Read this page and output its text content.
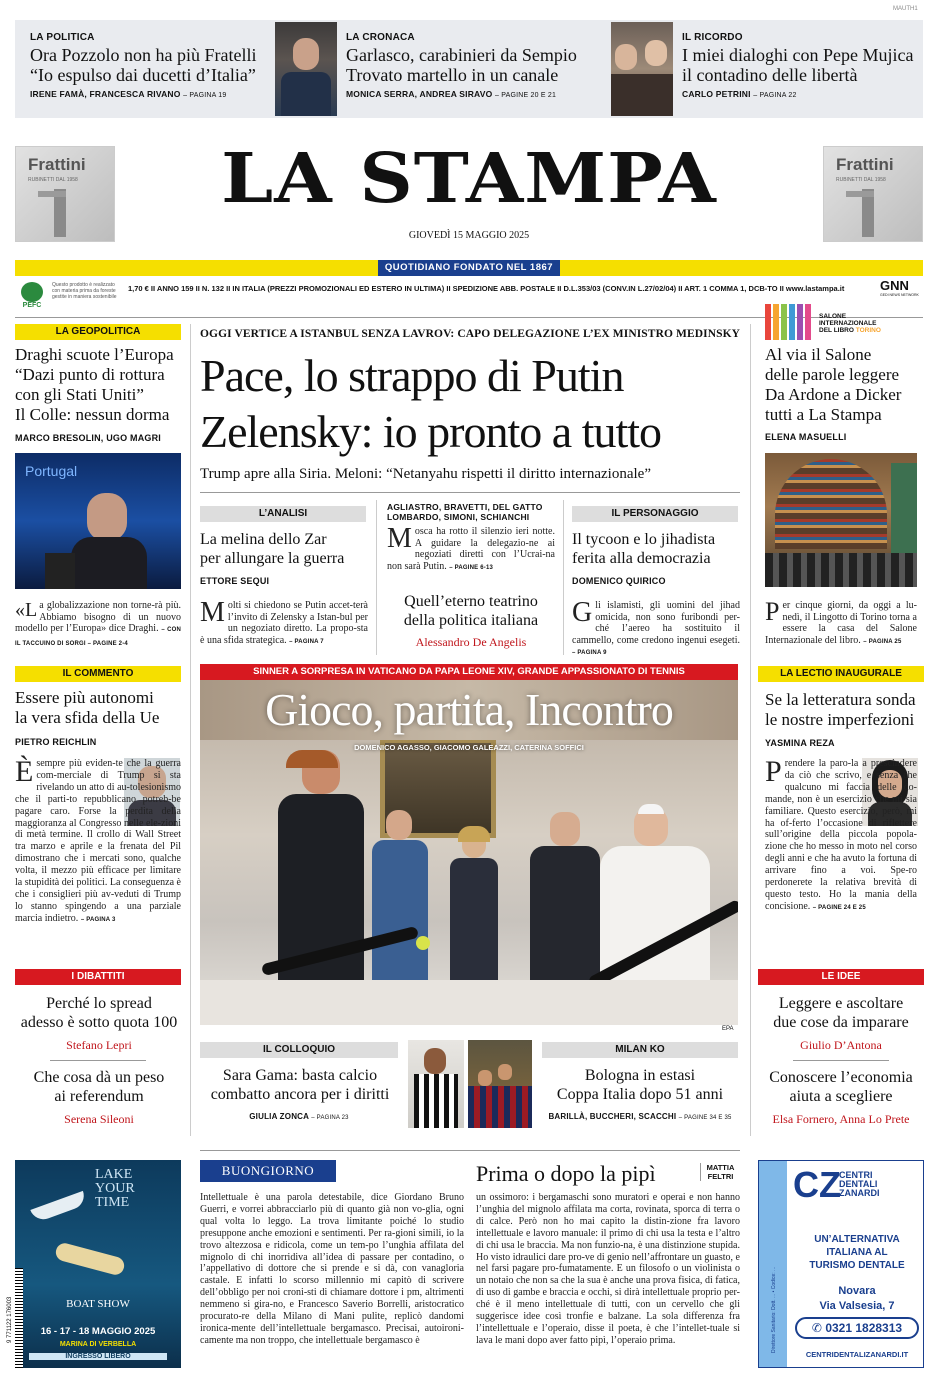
MAUTH1
LA POLITICA
Ora Pozzolo non ha più Fratelli
“Io espulso dai ducetti d’Italia”
IRENE FAMÀ, FRANCESCA RIVANO – PAGINA 19
LA CRONACA
Garlasco, carabinieri da Sempio
Trovato martello in un canale
MONICA SERRA, ANDREA SIRAVO – PAGINE 20 E 21
IL RICORDO
I miei dialoghi con Pepe Mujica
il contadino delle libertà
CARLO PETRINI – PAGINA 22
Frattini
RUBINETTI DAL 1958
Frattini
RUBINETTI DAL 1958
LA STAMPA
GIOVEDÌ 15 MAGGIO 2025
QUOTIDIANO FONDATO NEL 1867
PEFC
Questo prodotto è realizzato con materia prima da foreste gestite in maniera sostenibile
1,70 € II ANNO 159 II N. 132 II IN ITALIA (PREZZI PROMOZIONALI ED ESTERO IN ULTIMA) II SPEDIZIONE ABB. POSTALE II D.L.353/03 (CONV.IN L.27/02/04) II ART. 1 COMMA 1, DCB-TO II www.lastampa.it	GNN
GEDI NEWS NETWORK
LA GEOPOLITICA
Draghi scuote l’Europa
“Dazi punto di rottura
con gli Stati Uniti”
Il Colle: nessun dorma
MARCO BRESOLIN, UGO MAGRI
Portugal
«La globalizzazione non torne-rà più. Abbiamo bisogno di un nuovo modello per l’Europa» dice Draghi. – CON IL TACCUINO DI SORGI – PAGINE 2-4
IL COMMENTO
Essere più autonomi
la vera sfida della Ue
PIETRO REICHLIN
Èsempre più eviden-te che la guerra com-merciale di Trump si sta rivelando un atto di au-tolesionismo che il parti-to repubblicano potreb-be pagare caro. Forse la perdita della maggioranza al Congresso nelle ele-zioni di metà termine. Il crollo di Wall Street tra marzo e aprile e la frenata del Pil dimostrano che i mercati sono, qualche volta, il mezzo più efficace per limitare la stupidità dei politici. La conseguenza è che i consiglieri più av-veduti di Trump lo stanno spingendo a una parziale marcia indietro. – PAGINA 3
I DIBATTITI
Perché lo spread
adesso è sotto quota 100
Stefano Lepri
Che cosa dà un peso
ai referendum
Serena Sileoni
LAKE
YOUR
TIME
BOAT SHOW
16 - 17 - 18 MAGGIO 2025
MARINA DI VERBELLA
INGRESSO LIBERO
OGGI VERTICE A ISTANBUL SENZA LAVROV: CAPO DELEGAZIONE L’EX MINISTRO MEDINSKY
Pace, lo strappo di Putin
Zelensky: io pronto a tutto
Trump apre alla Siria. Meloni: “Netanyahu rispetti il diritto internazionale”
L’ANALISI
La melina dello Zar
per allungare la guerra
ETTORE SEQUI
Molti si chiedono se Putin accet-terà l’invito di Zelensky a Istan-bul per un negoziato diretto. La propo-sta è una sfida strategica. – PAGINA 7
AGLIASTRO, BRAVETTI, DEL GATTO
LOMBARDO, SIMONI, SCHIANCHI
Mosca ha rotto il silenzio ieri notte. A guidare la delegazio-ne ai negoziati diretti con l’Ucrai-na non sarà Putin. – PAGINE 6-13
Quell’eterno teatrino
della politica italiana
Alessandro De Angelis
IL PERSONAGGIO
Il tycoon e lo jihadista
ferita alla democrazia
DOMENICO QUIRICO
Gli islamisti, gli uomini del jihad omicida, non sono furibondi per-ché l’aereo ha sostituito il cammello, come credono ingenui esegeti. – PAGINA 9
SINNER A SORPRESA IN VATICANO DA PAPA LEONE XIV, GRANDE APPASSIONATO DI TENNIS
Gioco, partita, Incontro
DOMENICO AGASSO, GIACOMO GALEAZZI, CATERINA SOFFICI
EPA
IL COLLOQUIO
Sara Gama: basta calcio
combatto ancora per i diritti
GIULIA ZONCA – PAGINA 23
MILAN KO
Bologna in estasi
Coppa Italia dopo 51 anni
BARILLÀ, BUCCHERI, SCACCHI – PAGINE 34 E 35
SALONE
INTERNAZIONALE
DEL LIBRO TORINO
Al via il Salone
delle parole leggere
Da Ardone a Dicker
tutti a La Stampa
ELENA MASUELLI
Per cinque giorni, da oggi a lu-nedì, il Lingotto di Torino torna a essere la casa del Salone Internazionale del libro. – PAGINA 25
LA LECTIO INAUGURALE
Se la letteratura sonda
le nostre imperfezioni
YASMINA REZA
Prendere la paro-la a prescindere da ciò che scrivo, e senza che qualcuno mi faccia delle do-mande, non è un esercizio che mi sia familiare. Questo esercizio, però, mi ha of-ferto l’occasione di riflettere sull’origine della piccola popola-zione che ho messo in moto nel corso degli anni e che ha avuto la fortuna di arrivare fino a voi. Spe-ro perdonerete la relativa brevità di questo testo. Ho la mania della concisione. – PAGINE 24 E 25
LE IDEE
Leggere e ascoltare
due cose da imparare
Giulio D’Antona
Conoscere l’economia
aiuta a scegliere
Elsa Fornero, Anna Lo Prete
Direttore Sanitario: Dott. ... • Codice: ...
CZ
CENTRI
DENTALI
ZANARDI
UN’ALTERNATIVA
ITALIANA AL
TURISMO DENTALE
Novara
Via Valsesia, 7
✆ 0321 1828313
CENTRIDENTALIZANARDI.IT
BUONGIORNO
Intellettuale è una parola detestabile, dice Giordano Bruno Guerri, e vorrei abbracciarlo più di quanto già non vo-glia, ogni qual volta lo leggo. La trova limitante poiché lo studio presuppone anche emozioni e sentimenti. Per ra-gioni simili, io la trovo altezzosa e ridicola, come un tem-po l’unghia affilata del mignolo di chi inorridiva all’idea di passare per contadino, o l’appellativo di dottore che si prende e si dà, con vanagloria castale. E infatti lo scorso millennio mi capitò di scrivere dell’obbligo per noi croni-sti di chiamare dottore i pm, altrimenti nemmeno si gira-no, e Francesco Saverio Borrelli, aristocratico procurato-re della Milano di Mani pulite, replicò dandomi ironica-mente dell’intellettuale bergamasco. Precisai, autoironi-camente ma non troppo, che intellettuale bergamasco è
Prima o dopo la pipì	MATTIA
FELTRI
un ossimoro: i bergamaschi sono muratori e operai e non hanno l’unghia del mignolo affilata ma corta, rovinata, sporca di terra o di calce. Però non ho mai capito la distin-zione fra lavoro intellettuale e lavoro manuale: il primo di chi usa la testa e l’altro di chi usa le braccia. Ma non funzio-na, è una distinzione stupida. Ho visto idraulici dare pro-ve di genio nell’affrontare un guasto, e nel farsi pagare pro-fumatamente. E un filosofo o un violinista o un notaio che non sa che la sua è anche una prova fisica, di fatica, di uso di gambe e braccia e occhi, si dirà intellettuale proprio per-ché è il meno intellettuale di tutti, con un cervello che gli suggerisce idee così tronfie e balzane. La sola differenza fra l’intellettuale e l’operaio, disse il poeta, è che l’intellet-tuale si lava le mani dopo aver fatto pipì, l’operaio prima.
9 771122 176003
